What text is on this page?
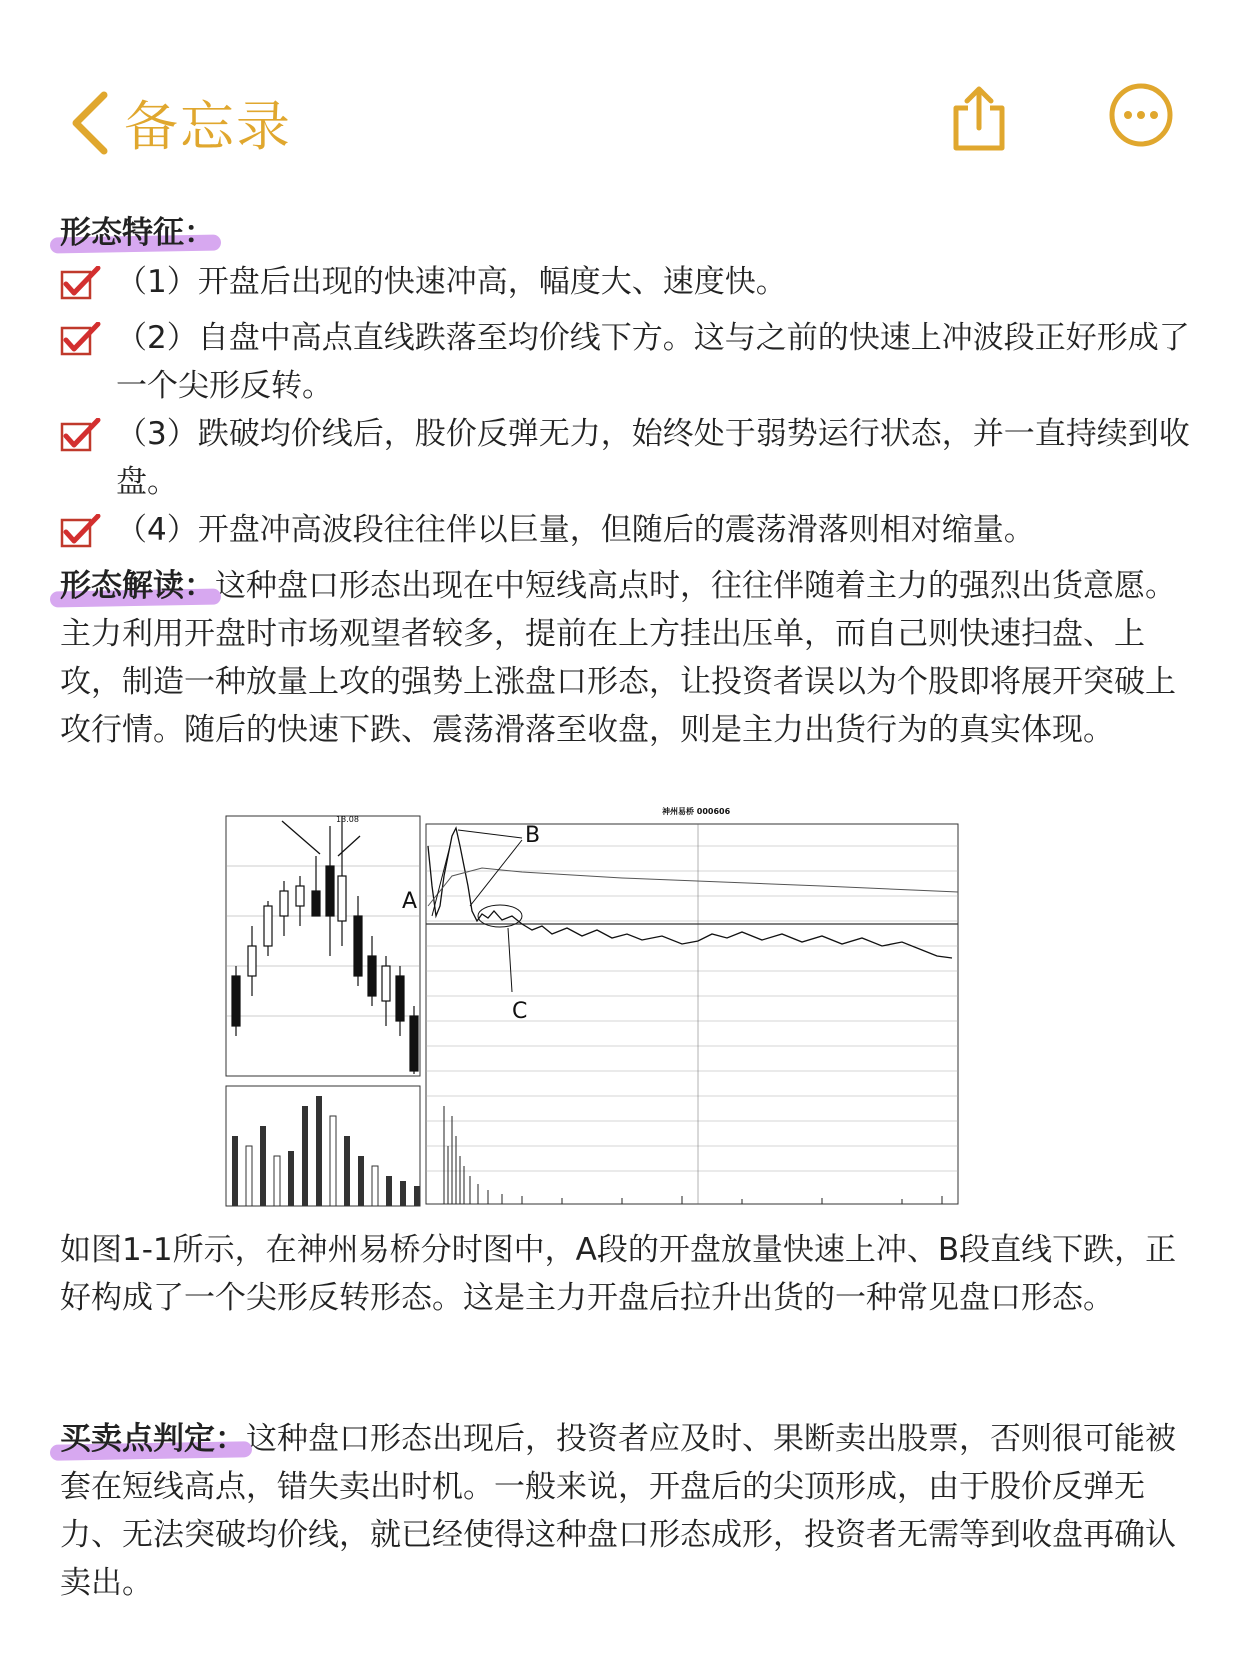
备忘录

形态特征：

（1）开盘后出现的快速冲高，幅度大、速度快。
（2）自盘中高点直线跌落至均价线下方。这与之前的快速上冲波段正好形成了一个尖形反转。
（3）跌破均价线后，股价反弹无力，始终处于弱势运行状态，并一直持续到收盘。
（4）开盘冲高波段往往伴以巨量，但随后的震荡滑落则相对缩量。

形态解读：这种盘口形态出现在中短线高点时，往往伴随着主力的强烈出货意愿。主力利用开盘时市场观望者较多，提前在上方挂出压单，而自己则快速扫盘、上攻，制造一种放量上攻的强势上涨盘口形态，让投资者误以为个股即将展开突破上攻行情。随后的快速下跌、震荡滑落至收盘，则是主力出货行为的真实体现。

13.08
神州易桥 000606
B
A
C

如图1-1所示，在神州易桥分时图中，A段的开盘放量快速上冲、B段直线下跌，正好构成了一个尖形反转形态。这是主力开盘后拉升出货的一种常见盘口形态。

买卖点判定：这种盘口形态出现后，投资者应及时、果断卖出股票，否则很可能被套在短线高点，错失卖出时机。一般来说，开盘后的尖顶形成，由于股价反弹无力、无法突破均价线，就已经使得这种盘口形态成形，投资者无需等到收盘再确认卖出。
